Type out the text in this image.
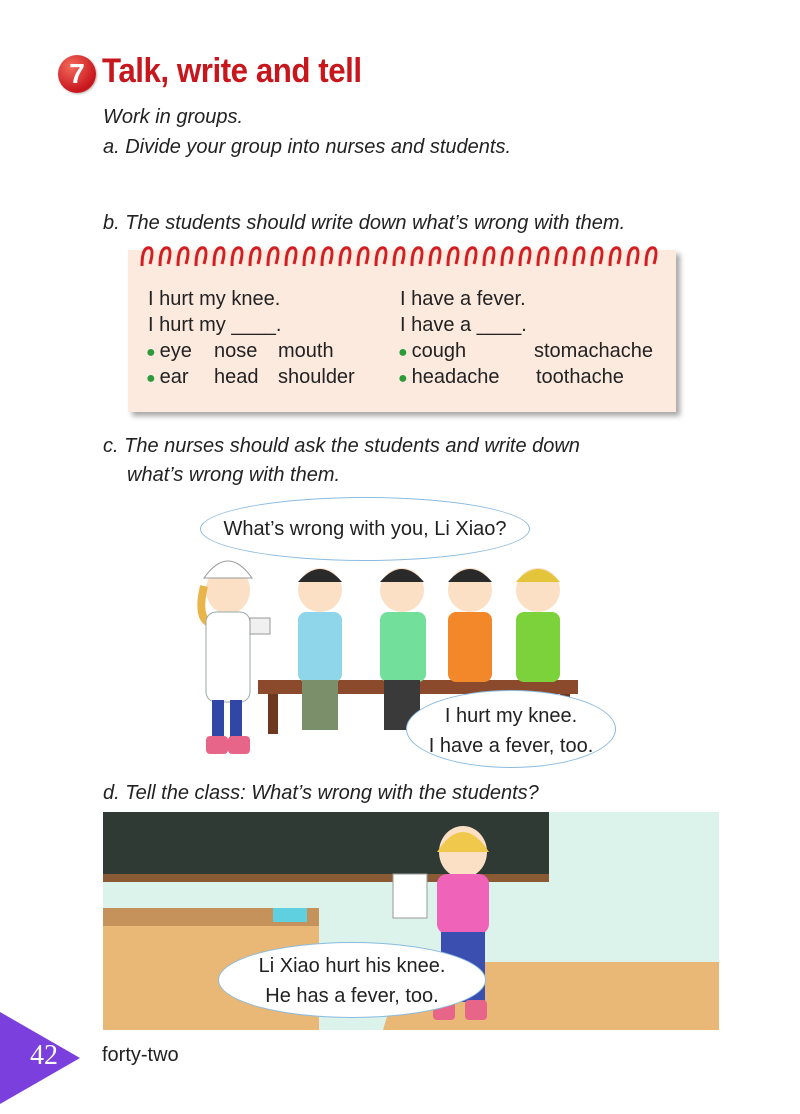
7 Talk, write and tell
Work in groups.
a. Divide your group into nurses and students.
b. The students should write down what’s wrong with them.
I hurt my knee.
I hurt my ____.
● eye nose	mouth
● ear head shoulder
I have a fever.
I have a ____.
● cough	stomachache
● headache toothache
c. The nurses should ask the students and write down
what’s wrong with them.
What’s wrong with you, Li Xiao?
I hurt my knee.
I have a fever, too.
d. Tell the class: What’s wrong with the students?
Li Xiao hurt his knee.
He has a fever, too.
42 forty-two
